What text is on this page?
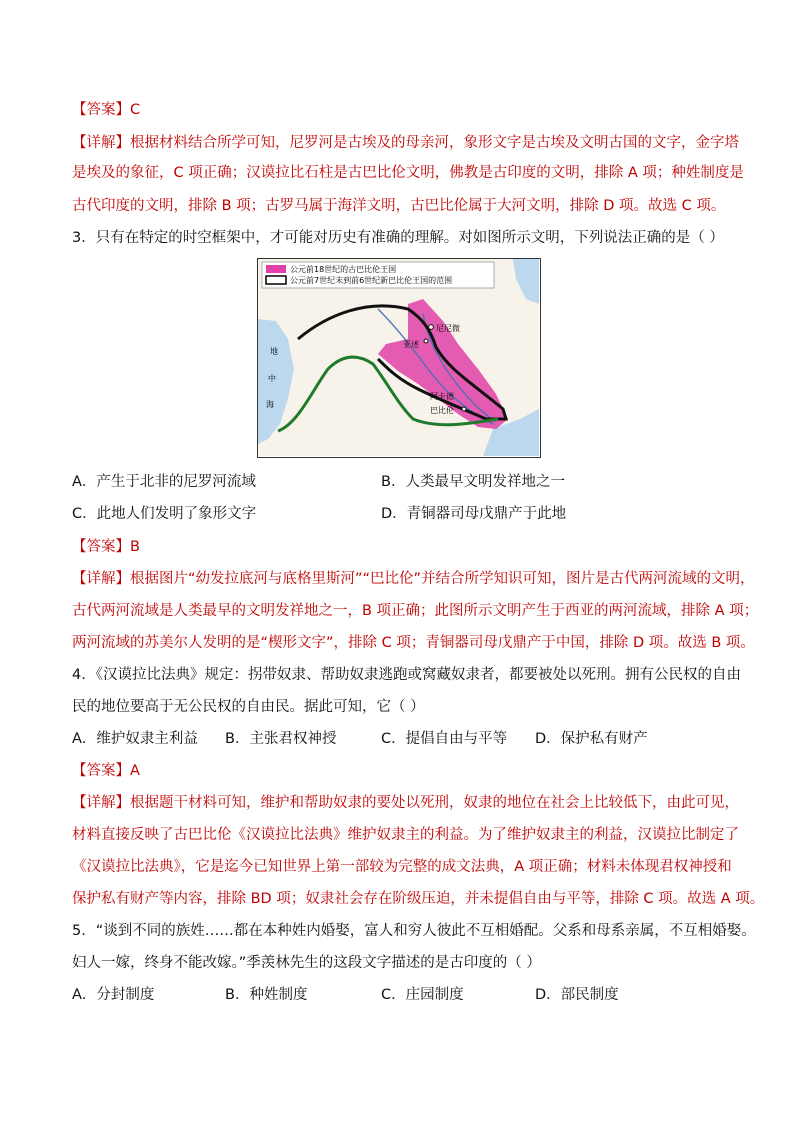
【答案】C
【详解】根据材料结合所学可知，尼罗河是古埃及的母亲河，象形文字是古埃及文明古国的文字，金字塔
是埃及的象征，C 项正确；汉谟拉比石柱是古巴比伦文明，佛教是古印度的文明，排除 A 项；种姓制度是
古代印度的文明，排除 B 项；古罗马属于海洋文明，古巴比伦属于大河文明，排除 D 项。故选 C 项。
3．只有在特定的时空框架中，才可能对历史有准确的理解。对如图所示文明，下列说法正确的是（ ）
公元前18世纪的古巴比伦王国
公元前7世纪末到前6世纪新巴比伦王国的范围
尼尼微
亚述
阿卡德
巴比伦
地
中
海
A．产生于北非的尼罗河流域	B．人类最早文明发祥地之一
C．此地人们发明了象形文字	D．青铜器司母戊鼎产于此地
【答案】B
【详解】根据图片“幼发拉底河与底格里斯河”“巴比伦”并结合所学知识可知，图片是古代两河流域的文明，
古代两河流域是人类最早的文明发祥地之一，B 项正确；此图所示文明产生于西亚的两河流域，排除 A 项；
两河流域的苏美尔人发明的是“楔形文字”，排除 C 项；青铜器司母戊鼎产于中国，排除 D 项。故选 B 项。
4．《汉谟拉比法典》规定：拐带奴隶、帮助奴隶逃跑或窝藏奴隶者，都要被处以死刑。拥有公民权的自由
民的地位要高于无公民权的自由民。据此可知，它（ ）
A．维护奴隶主利益 B．主张君权神授	C．提倡自由与平等 D．保护私有财产
【答案】A
【详解】根据题干材料可知，维护和帮助奴隶的要处以死刑，奴隶的地位在社会上比较低下，由此可见，
材料直接反映了古巴比伦《汉谟拉比法典》维护奴隶主的利益。为了维护奴隶主的利益，汉谟拉比制定了
《汉谟拉比法典》，它是迄今已知世界上第一部较为完整的成文法典，A 项正确；材料未体现君权神授和
保护私有财产等内容，排除 BD 项；奴隶社会存在阶级压迫，并未提倡自由与平等，排除 C 项。故选 A 项。
5．“谈到不同的族姓……都在本种姓内婚娶，富人和穷人彼此不互相婚配。父系和母系亲属，不互相婚娶。
妇人一嫁，终身不能改嫁。”季羡林先生的这段文字描述的是古印度的（ ）
A．分封制度	B．种姓制度	C．庄园制度	D．部民制度
